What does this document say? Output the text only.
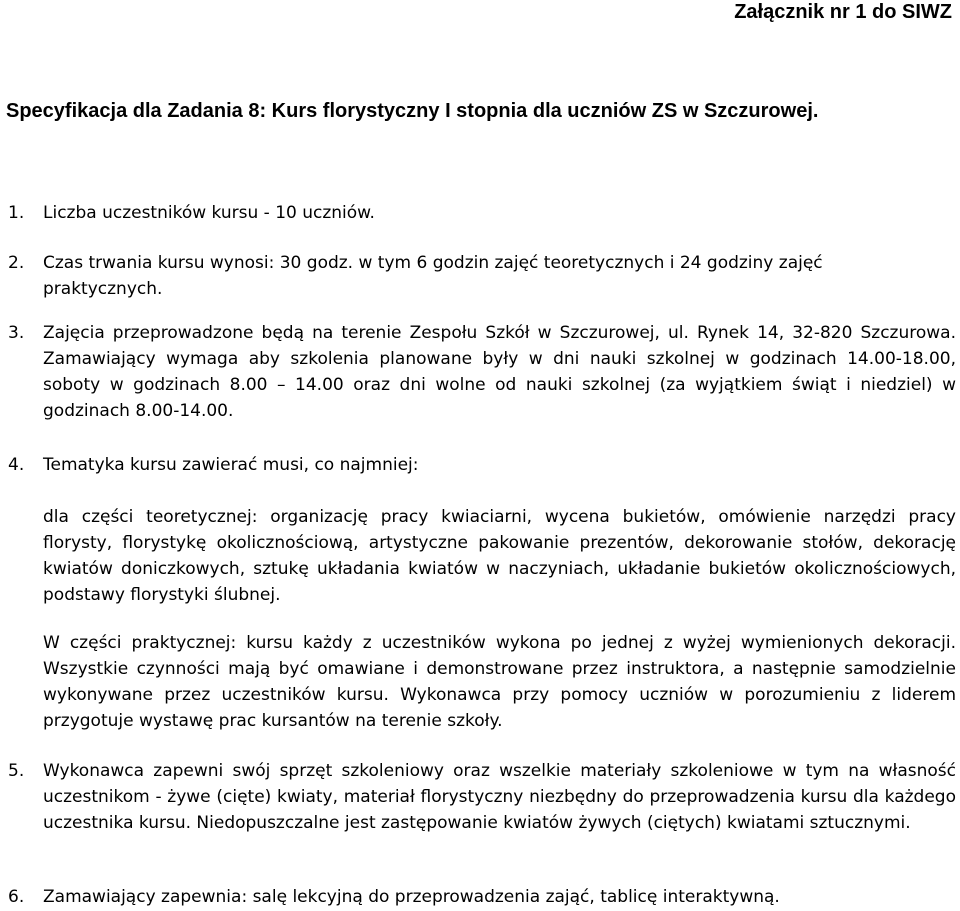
Załącznik nr 1 do SIWZ
Specyfikacja dla Zadania 8: Kurs florystyczny I stopnia dla uczniów ZS w Szczurowej.
1.	Liczba uczestników kursu - 10 uczniów.
2.	Czas trwania kursu wynosi: 30 godz. w tym 6 godzin zajęć teoretycznych i 24 godziny zajęć praktycznych.
3.	Zajęcia przeprowadzone będą na terenie Zespołu Szkół w Szczurowej, ul. Rynek 14, 32-820 Szczurowa. Zamawiający wymaga aby szkolenia planowane były w dni nauki szkolnej w godzinach 14.00-18.00, soboty w godzinach 8.00 – 14.00 oraz dni wolne od nauki szkolnej (za wyjątkiem świąt i niedziel) w godzinach 8.00-14.00.
4.	Tematyka kursu zawierać musi, co najmniej:
dla części teoretycznej: organizację pracy kwiaciarni, wycena bukietów, omówienie narzędzi pracy florysty, florystykę okolicznościową, artystyczne pakowanie prezentów, dekorowanie stołów, dekorację kwiatów doniczkowych, sztukę układania kwiatów w naczyniach, układanie bukietów okolicznościowych, podstawy florystyki ślubnej.
W części praktycznej: kursu każdy z uczestników wykona po jednej z wyżej wymienionych dekoracji. Wszystkie czynności mają być omawiane i demonstrowane przez instruktora, a następnie samodzielnie wykonywane przez uczestników kursu. Wykonawca przy pomocy uczniów w porozumieniu z liderem przygotuje wystawę prac kursantów na terenie szkoły.
5.	Wykonawca zapewni swój sprzęt szkoleniowy oraz wszelkie materiały szkoleniowe w tym na własność uczestnikom - żywe (cięte) kwiaty, materiał florystyczny niezbędny do przeprowadzenia kursu dla każdego uczestnika kursu. Niedopuszczalne jest zastępowanie kwiatów żywych (ciętych) kwiatami sztucznymi.
6.	Zamawiający zapewnia: salę lekcyjną do przeprowadzenia zająć, tablicę interaktywną.
